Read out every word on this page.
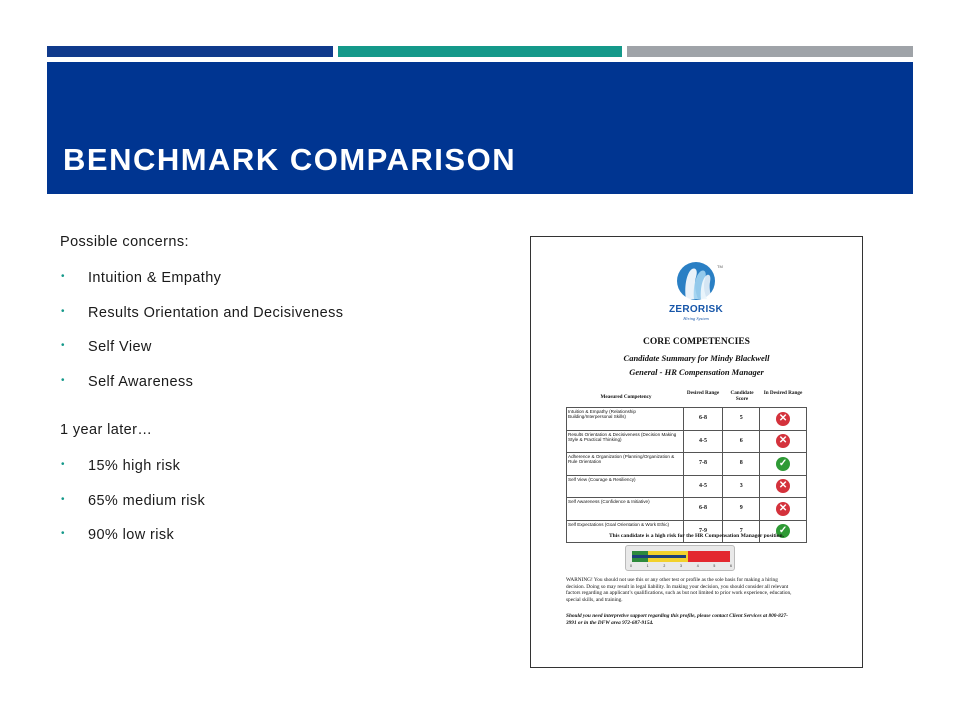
BENCHMARK COMPARISON
Possible concerns:
• Intuition & Empathy
• Results Orientation and Decisiveness
• Self View
• Self Awareness
1 year later…
• 15% high risk
• 65% medium risk
• 90% low risk
TM
ZERORISK
Hiring System
CORE COMPETENCIES
Candidate Summary for Mindy Blackwell
General - HR Compensation Manager
Measured Competency
Desired Range	Candidate Score
In Desired Range
Intuition & Empathy (Relationship Building/Interpersonal Skills)	6-8	5	✕
Results Orientation & Decisiveness (Decision Making Style & Practical Thinking)	4-5	6	✕
Adherence & Organization (Planning/Organization & Rule Orientation	7-8	8	✓
Self View (Courage & Resiliency)	4-5	3	✕
Self Awareness (Confidence & Initiative)	6-8	9	✕
Self Expectations (Goal Orientation & Work Ethic)	7-9	7	✓
This candidate is a high risk for the HR Compensation Manager position.
0	1	2	3	4	5	6
WARNING! You should not use this or any other test or profile as the sole basis for making a hiring decision. Doing so may result in legal liability. In making your decision, you should consider all relevant factors regarding an applicant’s qualifications, such as but not limited to prior work experience, education, special skills, and training.
Should you need interpretive support regarding this profile, please contact Client Services at 800-827-3991 or in the DFW area 972-687-9154.
